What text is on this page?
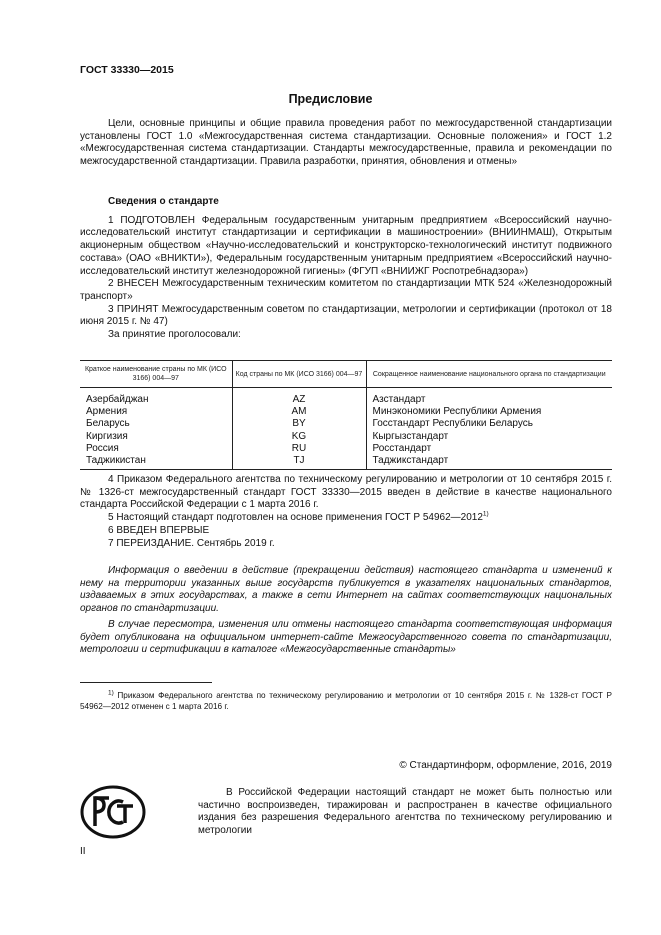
ГОСТ 33330—2015
Предисловие

Цели, основные принципы и общие правила проведения работ по межгосударственной стандартизации установлены ГОСТ 1.0 «Межгосударственная система стандартизации. Основные положения» и ГОСТ 1.2 «Межгосударственная система стандартизации. Стандарты межгосударственные, правила и рекомендации по межгосударственной стандартизации. Правила разработки, принятия, обновления и отмены»

Сведения о стандарте

1 ПОДГОТОВЛЕН Федеральным государственным унитарным предприятием «Всероссийский научно-исследовательский институт стандартизации и сертификации в машиностроении» (ВНИИНМАШ), Открытым акционерным обществом «Научно-исследовательский и конструкторско-технологический институт подвижного состава» (ОАО «ВНИКТИ»), Федеральным государственным унитарным предприятием «Всероссийский научно-исследовательский институт железнодорожной гигиены» (ФГУП «ВНИИЖГ Роспотребнадзора»)

2 ВНЕСЕН Межгосударственным техническим комитетом по стандартизации МТК 524 «Железнодорожный транспорт»

3 ПРИНЯТ Межгосударственным советом по стандартизации, метрологии и сертификации (протокол от 18 июня 2015 г. № 47)

За принятие проголосовали:

Краткое наименование страны по МК (ИСО 3166) 004—97	Код страны по МК (ИСО 3166) 004—97	Сокращенное наименование национального органа по стандартизации
Азербайджан	AZ	Азстандарт
Армения	AM	Минэкономики Республики Армения
Беларусь	BY	Госстандарт Республики Беларусь
Киргизия	KG	Кыргызстандарт
Россия	RU	Росстандарт
Таджикистан	TJ	Таджикстандарт

4 Приказом Федерального агентства по техническому регулированию и метрологии от 10 сентября 2015 г. № 1326-ст межгосударственный стандарт ГОСТ 33330—2015 введен в действие в качестве национального стандарта Российской Федерации с 1 марта 2016 г.

5 Настоящий стандарт подготовлен на основе применения ГОСТ Р 54962—2012$^{1)}$

6 ВВЕДЕН ВПЕРВЫЕ

7 ПЕРЕИЗДАНИЕ. Сентябрь 2019 г.

Информация о введении в действие (прекращении действия) настоящего стандарта и изменений к нему на территории указанных выше государств публикуется в указателях национальных стандартов, издаваемых в этих государствах, а также в сети Интернет на сайтах соответствующих национальных органов по стандартизации.

В случае пересмотра, изменения или отмены настоящего стандарта соответствующая информация будет опубликована на официальном интернет-сайте Межгосударственного совета по стандартизации, метрологии и сертификации в каталоге «Межгосударственные стандарты»

$^{1)}$ Приказом Федерального агентства по техническому регулированию и метрологии от 10 сентября 2015 г. № 1328-ст ГОСТ Р 54962—2012 отменен с 1 марта 2016 г.

© Стандартинформ, оформление, 2016, 2019

В Российской Федерации настоящий стандарт не может быть полностью или частично воспроизведен, тиражирован и распространен в качестве официального издания без разрешения Федерального агентства по техническому регулированию и метрологии

II
